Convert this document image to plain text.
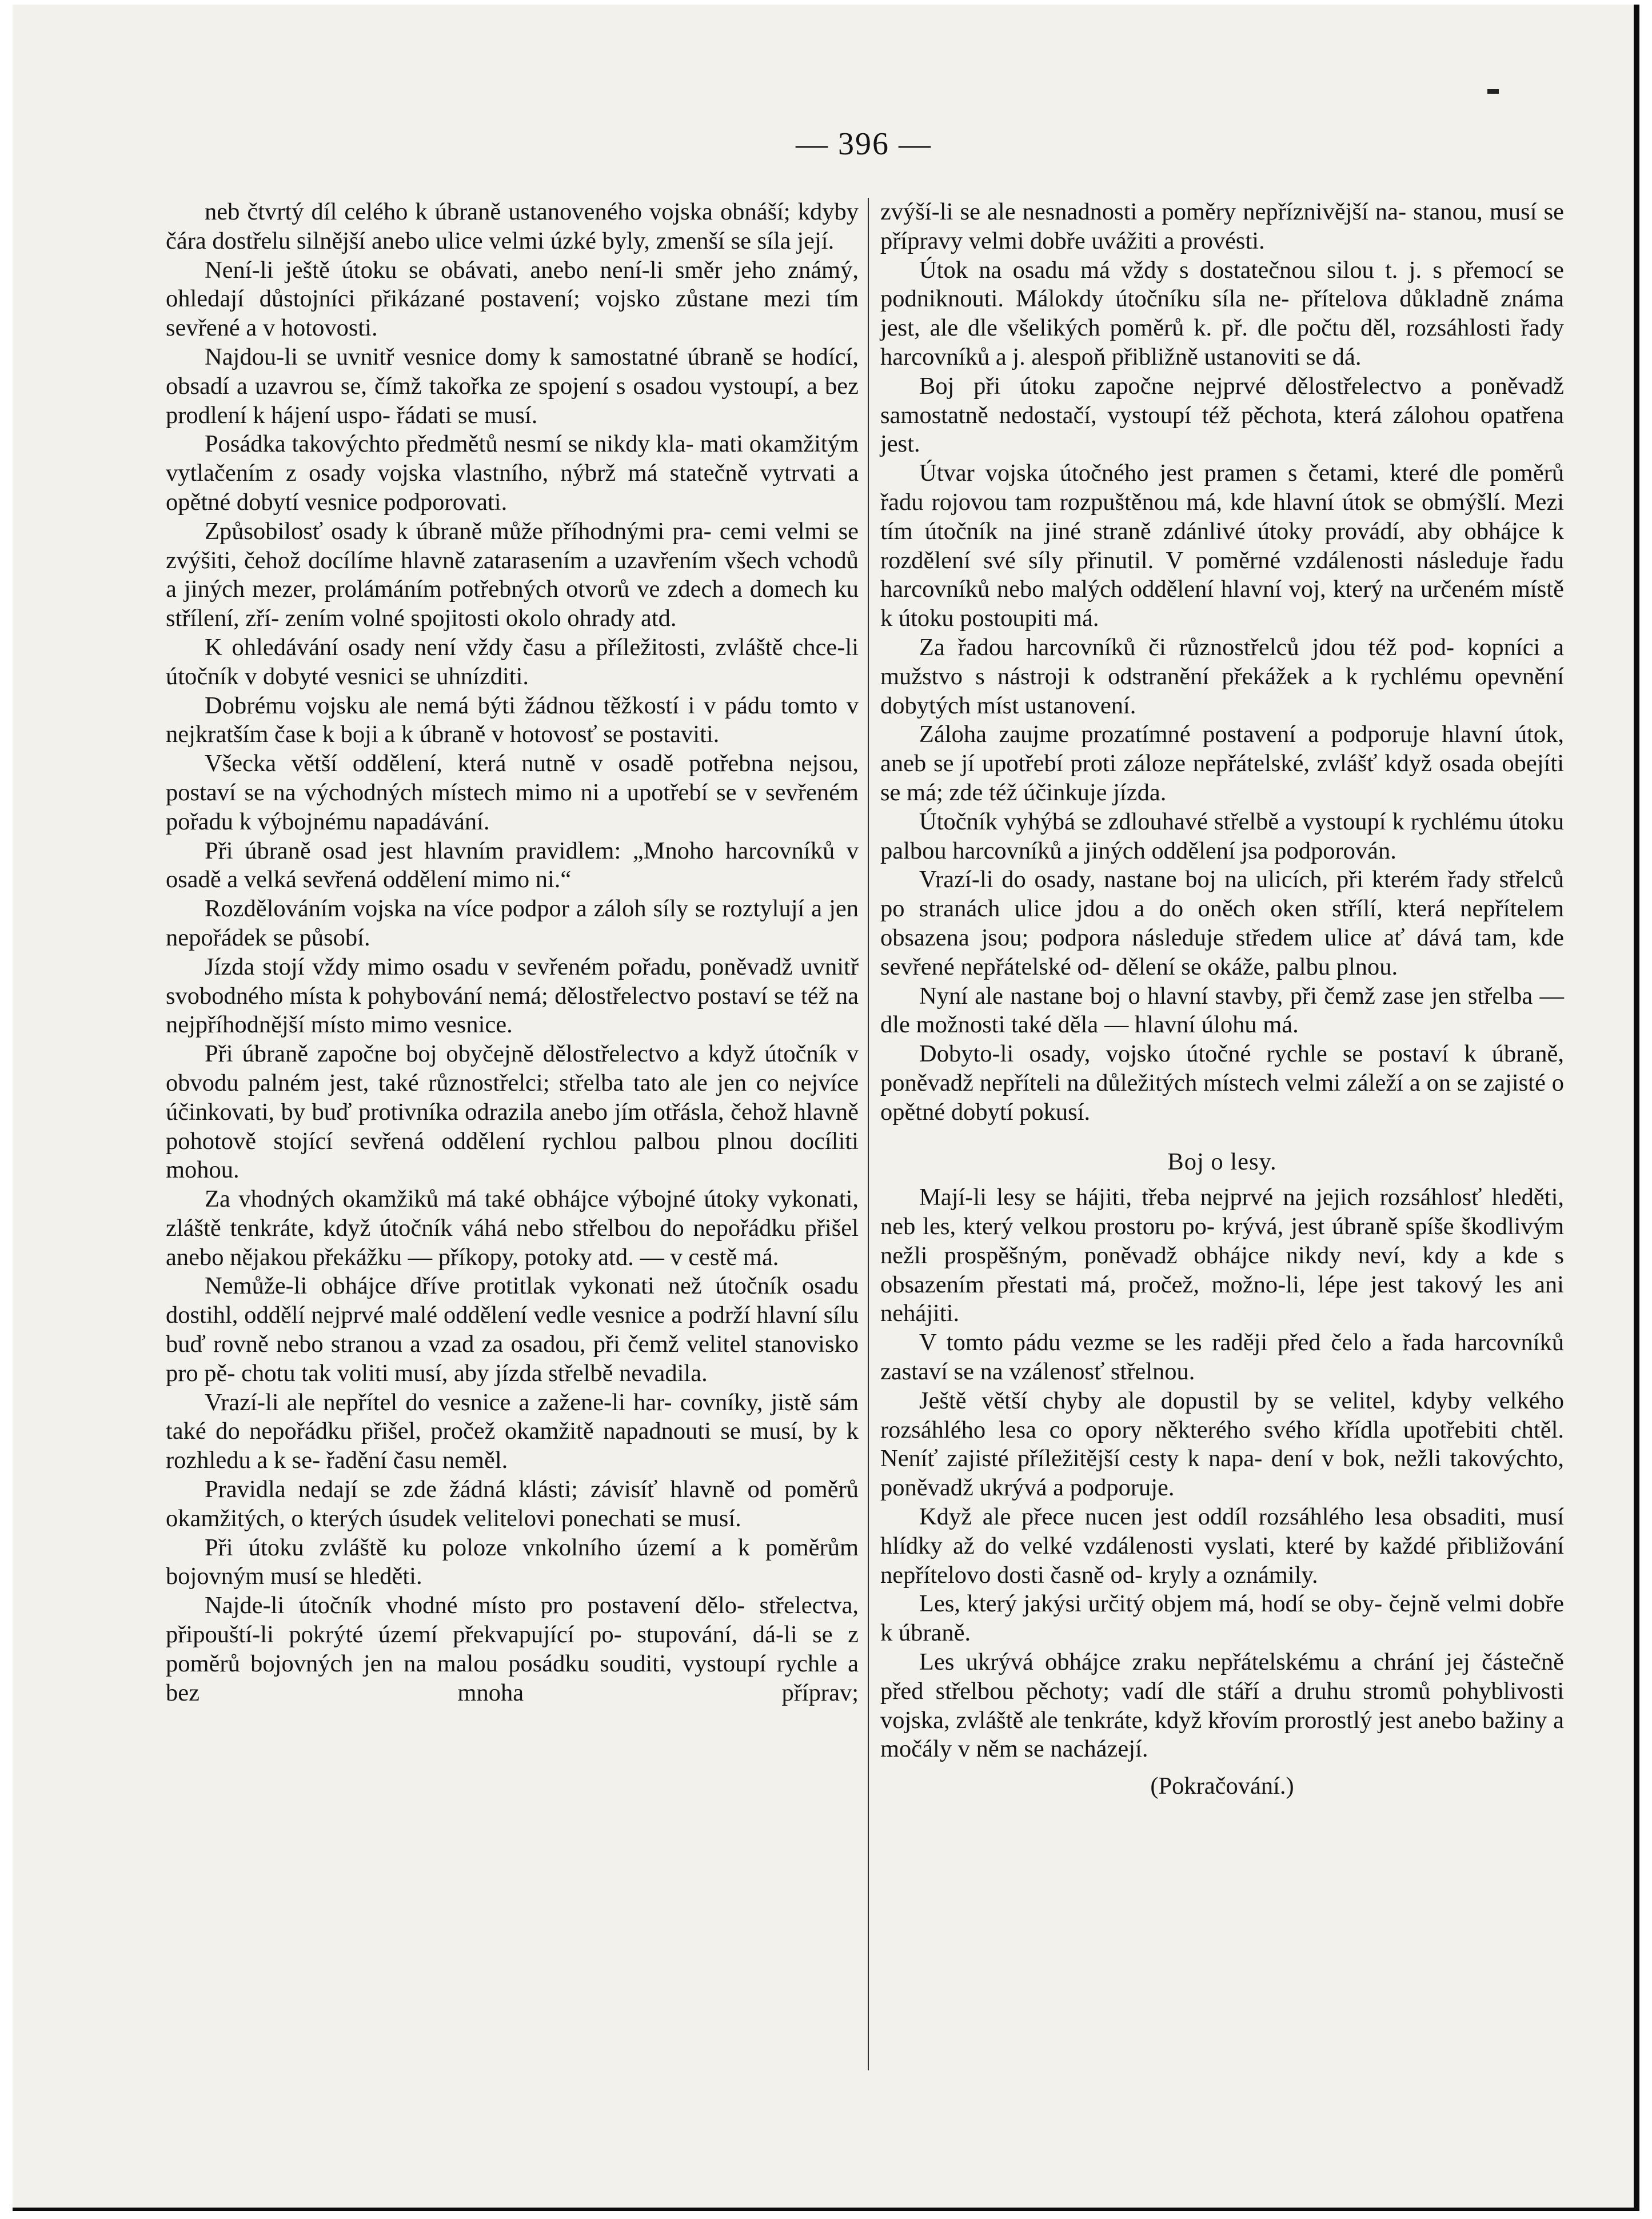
— 396 —

neb čtvrtý díl celého k úbraně ustanoveného vojska obnáší; kdyby čára dostřelu silnější anebo ulice velmi úzké byly, zmenší se síla její.

Není-li ještě útoku se obávati, anebo není-li směr jeho známý, ohledají důstojníci přikázané postavení; vojsko zůstane mezi tím sevřené a v hotovosti.

Najdou-li se uvnitř vesnice domy k samostatné úbraně se hodící, obsadí a uzavrou se, čímž takořka ze spojení s osadou vystoupí, a bez prodlení k hájení uspo- řádati se musí.

Posádka takovýchto předmětů nesmí se nikdy kla- mati okamžitým vytlačením z osady vojska vlastního, nýbrž má statečně vytrvati a opětné dobytí vesnice podporovati.

Způsobilosť osady k úbraně může příhodnými pra- cemi velmi se zvýšiti, čehož docílíme hlavně zatarasením a uzavřením všech vchodů a jiných mezer, prolámáním potřebných otvorů ve zdech a domech ku střílení, zří- zením volné spojitosti okolo ohrady atd.

K ohledávání osady není vždy času a příležitosti, zvláště chce-li útočník v dobyté vesnici se uhnízditi.

Dobrému vojsku ale nemá býti žádnou těžkostí i v pádu tomto v nejkratším čase k boji a k úbraně v hotovosť se postaviti.

Všecka větší oddělení, která nutně v osadě potřebna nejsou, postaví se na východných místech mimo ni a upotřebí se v sevřeném pořadu k výbojnému napadávání.

Při úbraně osad jest hlavním pravidlem: „Mnoho harcovníků v osadě a velká sevřená oddělení mimo ni.“

Rozdělováním vojska na více podpor a záloh síly se roztylují a jen nepořádek se působí.

Jízda stojí vždy mimo osadu v sevřeném pořadu, poněvadž uvnitř svobodného místa k pohybování nemá; dělostřelectvo postaví se též na nejpříhodnější místo mimo vesnice.

Při úbraně započne boj obyčejně dělostřelectvo a když útočník v obvodu palném jest, také různostřelci; střelba tato ale jen co nejvíce účinkovati, by buď protivníka odrazila anebo jím otřásla, čehož hlavně pohotově stojící sevřená oddělení rychlou palbou plnou docíliti mohou.

Za vhodných okamžiků má také obhájce výbojné útoky vykonati, zláště tenkráte, když útočník váhá nebo střelbou do nepořádku přišel anebo nějakou překážku — příkopy, potoky atd. — v cestě má.

Nemůže-li obhájce dříve protitlak vykonati než útočník osadu dostihl, oddělí nejprvé malé oddělení vedle vesnice a podrží hlavní sílu buď rovně nebo stranou a vzad za osadou, při čemž velitel stanovisko pro pě- chotu tak voliti musí, aby jízda střelbě nevadila.

Vrazí-li ale nepřítel do vesnice a zažene-li har- covníky, jistě sám také do nepořádku přišel, pročež okamžitě napadnouti se musí, by k rozhledu a k se- řadění času neměl.

Pravidla nedají se zde žádná klásti; závisíť hlavně od poměrů okamžitých, o kterých úsudek velitelovi ponechati se musí.

Při útoku zvláště ku poloze vnkolního území a k poměrům bojovným musí se hleděti.

Najde-li útočník vhodné místo pro postavení dělo- střelectva, připouští-li pokrýté území překvapující po- stupování, dá-li se z poměrů bojovných jen na malou posádku souditi, vystoupí rychle a bez mnoha příprav;

zvýší-li se ale nesnadnosti a poměry nepříznivější na- stanou, musí se přípravy velmi dobře uvážiti a provésti.

Útok na osadu má vždy s dostatečnou silou t. j. s přemocí se podniknouti. Málokdy útočníku síla ne- přítelova důkladně známa jest, ale dle všelikých poměrů k. př. dle počtu děl, rozsáhlosti řady harcovníků a j. alespoň přibližně ustanoviti se dá.

Boj při útoku započne nejprvé dělostřelectvo a poněvadž samostatně nedostačí, vystoupí též pěchota, která zálohou opatřena jest.

Útvar vojska útočného jest pramen s četami, které dle poměrů řadu rojovou tam rozpuštěnou má, kde hlavní útok se obmýšlí. Mezi tím útočník na jiné straně zdánlivé útoky provádí, aby obhájce k rozdělení své síly přinutil. V poměrné vzdálenosti následuje řadu harcovníků nebo malých oddělení hlavní voj, který na určeném místě k útoku postoupiti má.

Za řadou harcovníků či různostřelců jdou též pod- kopníci a mužstvo s nástroji k odstranění překážek a k rychlému opevnění dobytých míst ustanovení.

Záloha zaujme prozatímné postavení a podporuje hlavní útok, aneb se jí upotřebí proti záloze nepřátelské, zvlášť když osada obejíti se má; zde též účinkuje jízda.

Útočník vyhýbá se zdlouhavé střelbě a vystoupí k rychlému útoku palbou harcovníků a jiných oddělení jsa podporován.

Vrazí-li do osady, nastane boj na ulicích, při kterém řady střelců po stranách ulice jdou a do oněch oken střílí, která nepřítelem obsazena jsou; podpora následuje středem ulice ať dává tam, kde sevřené nepřátelské od- dělení se okáže, palbu plnou.

Nyní ale nastane boj o hlavní stavby, při čemž zase jen střelba — dle možnosti také děla — hlavní úlohu má.

Dobyto-li osady, vojsko útočné rychle se postaví k úbraně, poněvadž nepříteli na důležitých místech velmi záleží a on se zajisté o opětné dobytí pokusí.

Boj o lesy.

Mají-li lesy se hájiti, třeba nejprvé na jejich rozsáhlosť hleděti, neb les, který velkou prostoru po- krývá, jest úbraně spíše škodlivým nežli prospěšným, poněvadž obhájce nikdy neví, kdy a kde s obsazením přestati má, pročež, možno-li, lépe jest takový les ani nehájiti.

V tomto pádu vezme se les raději před čelo a řada harcovníků zastaví se na vzálenosť střelnou.

Ještě větší chyby ale dopustil by se velitel, kdyby velkého rozsáhlého lesa co opory některého svého křídla upotřebiti chtěl. Neníť zajisté příležitější cesty k napa- dení v bok, nežli takovýchto, poněvadž ukrývá a podporuje.

Když ale přece nucen jest oddíl rozsáhlého lesa obsaditi, musí hlídky až do velké vzdálenosti vyslati, které by každé přibližování nepřítelovo dosti časně od- kryly a oznámily.

Les, který jakýsi určitý objem má, hodí se oby- čejně velmi dobře k úbraně.

Les ukrývá obhájce zraku nepřátelskému a chrání jej částečně před střelbou pěchoty; vadí dle stáří a druhu stromů pohyblivosti vojska, zvláště ale tenkráte, když křovím prorostlý jest anebo bažiny a močály v něm se nacházejí.

(Pokračování.)
